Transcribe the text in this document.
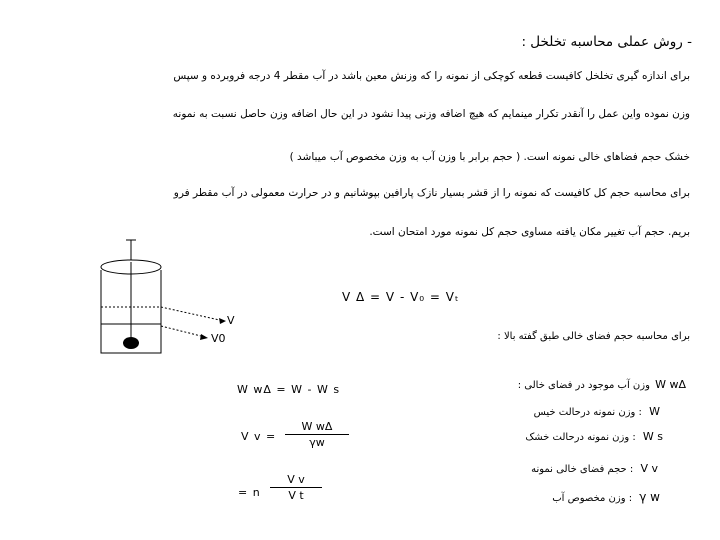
- روش عملی محاسبه تخلخل :
برای اندازه گیری تخلخل کافیست قطعه کوچکی از نمونه را که وزنش معین باشد در آب مقطر 4 درجه فروبرده و سپس
وزن نموده واین عمل را آنقدر تکرار مینمایم که هیچ اضافه وزنی پیدا نشود در این حال اضافه وزن حاصل نسبت به نمونه
خشک حجم فضاهای خالی نمونه است. ( حجم برابر با وزن آب به وزن مخصوص آب میباشد )
برای محاسبه حجم کل کافیست که نمونه را از قشر بسیار نازک پارافین بپوشانیم و در حرارت معمولی در آب مقطر فرو
بریم. حجم آب تغییر مکان یافته مساوی حجم کل نمونه مورد امتحان است.
V
V0
V Δ = V - V₀ = Vₜ
برای محاسبه حجم فضای خالی طبق گفته بالا :
W wΔ = W - W s
V v =
W wΔ
γw
= n
V v
V t
وزن آب موجود در فضای خالی : W wΔ
: وزن نمونه درحالت خیس W
: وزن نمونه درحالت خشک W s
: حجم فضای خالی نمونه V v
: وزن مخصوص آب γ w
